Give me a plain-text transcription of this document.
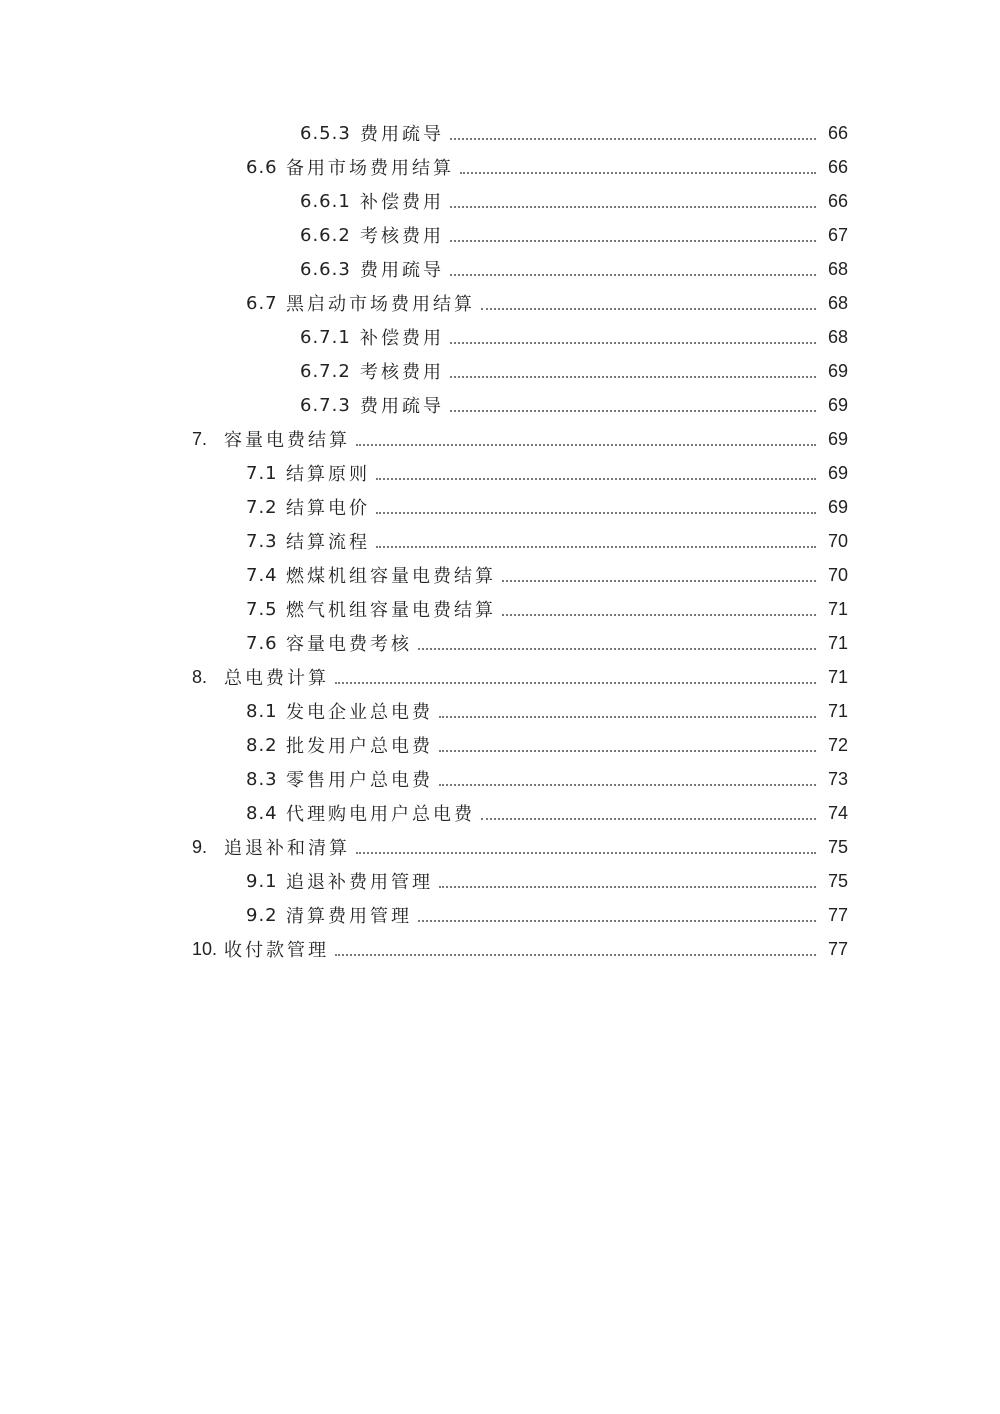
6.5.3 费用疏导	66
6.6 备用市场费用结算	66
6.6.1 补偿费用	66
6.6.2 考核费用	67
6.6.3 费用疏导	68
6.7 黑启动市场费用结算	68
6.7.1 补偿费用	68
6.7.2 考核费用	69
6.7.3 费用疏导	69
7. 容量电费结算	69
7.1 结算原则	69
7.2 结算电价	69
7.3 结算流程	70
7.4 燃煤机组容量电费结算	70
7.5 燃气机组容量电费结算	71
7.6 容量电费考核	71
8. 总电费计算	71
8.1 发电企业总电费	71
8.2 批发用户总电费	72
8.3 零售用户总电费	73
8.4 代理购电用户总电费	74
9. 追退补和清算	75
9.1 追退补费用管理	75
9.2 清算费用管理	77
10. 收付款管理	77
